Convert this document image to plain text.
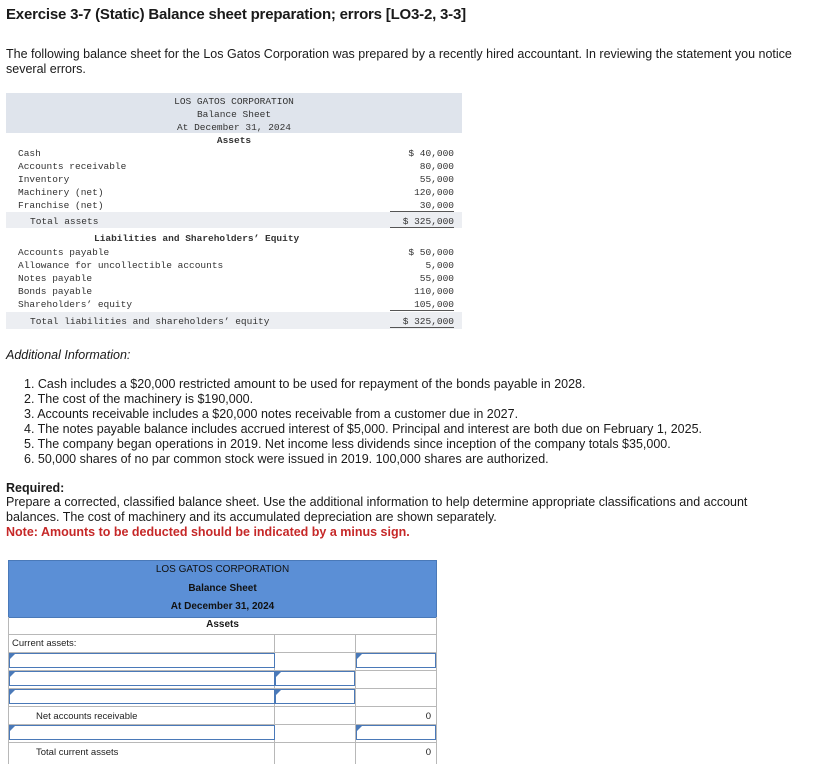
Exercise 3-7 (Static) Balance sheet preparation; errors [LO3-2, 3-3]
The following balance sheet for the Los Gatos Corporation was prepared by a recently hired accountant. In reviewing the statement you notice several errors.
LOS GATOS CORPORATION
Balance Sheet
At December 31, 2024
Assets
Cash	$ 40,000
Accounts receivable	80,000
Inventory	55,000
Machinery (net)	120,000
Franchise (net)	30,000
Total assets	$ 325,000
Liabilities and Shareholders’ Equity
Accounts payable	$ 50,000
Allowance for uncollectible accounts	5,000
Notes payable	55,000
Bonds payable	110,000
Shareholders’ equity	105,000
Total liabilities and shareholders’ equity	$ 325,000
Additional Information:
1. Cash includes a $20,000 restricted amount to be used for repayment of the bonds payable in 2028.
2. The cost of the machinery is $190,000.
3. Accounts receivable includes a $20,000 notes receivable from a customer due in 2027.
4. The notes payable balance includes accrued interest of $5,000. Principal and interest are both due on February 1, 2025.
5. The company began operations in 2019. Net income less dividends since inception of the company totals $35,000.
6. 50,000 shares of no par common stock were issued in 2019. 100,000 shares are authorized.
Required:
Prepare a corrected, classified balance sheet. Use the additional information to help determine appropriate classifications and account balances. The cost of machinery and its accumulated depreciation are shown separately.
Note: Amounts to be deducted should be indicated by a minus sign.
LOS GATOS CORPORATION
Balance Sheet
At December 31, 2024
Assets
Current assets:
Net accounts receivable	0
Total current assets	0
